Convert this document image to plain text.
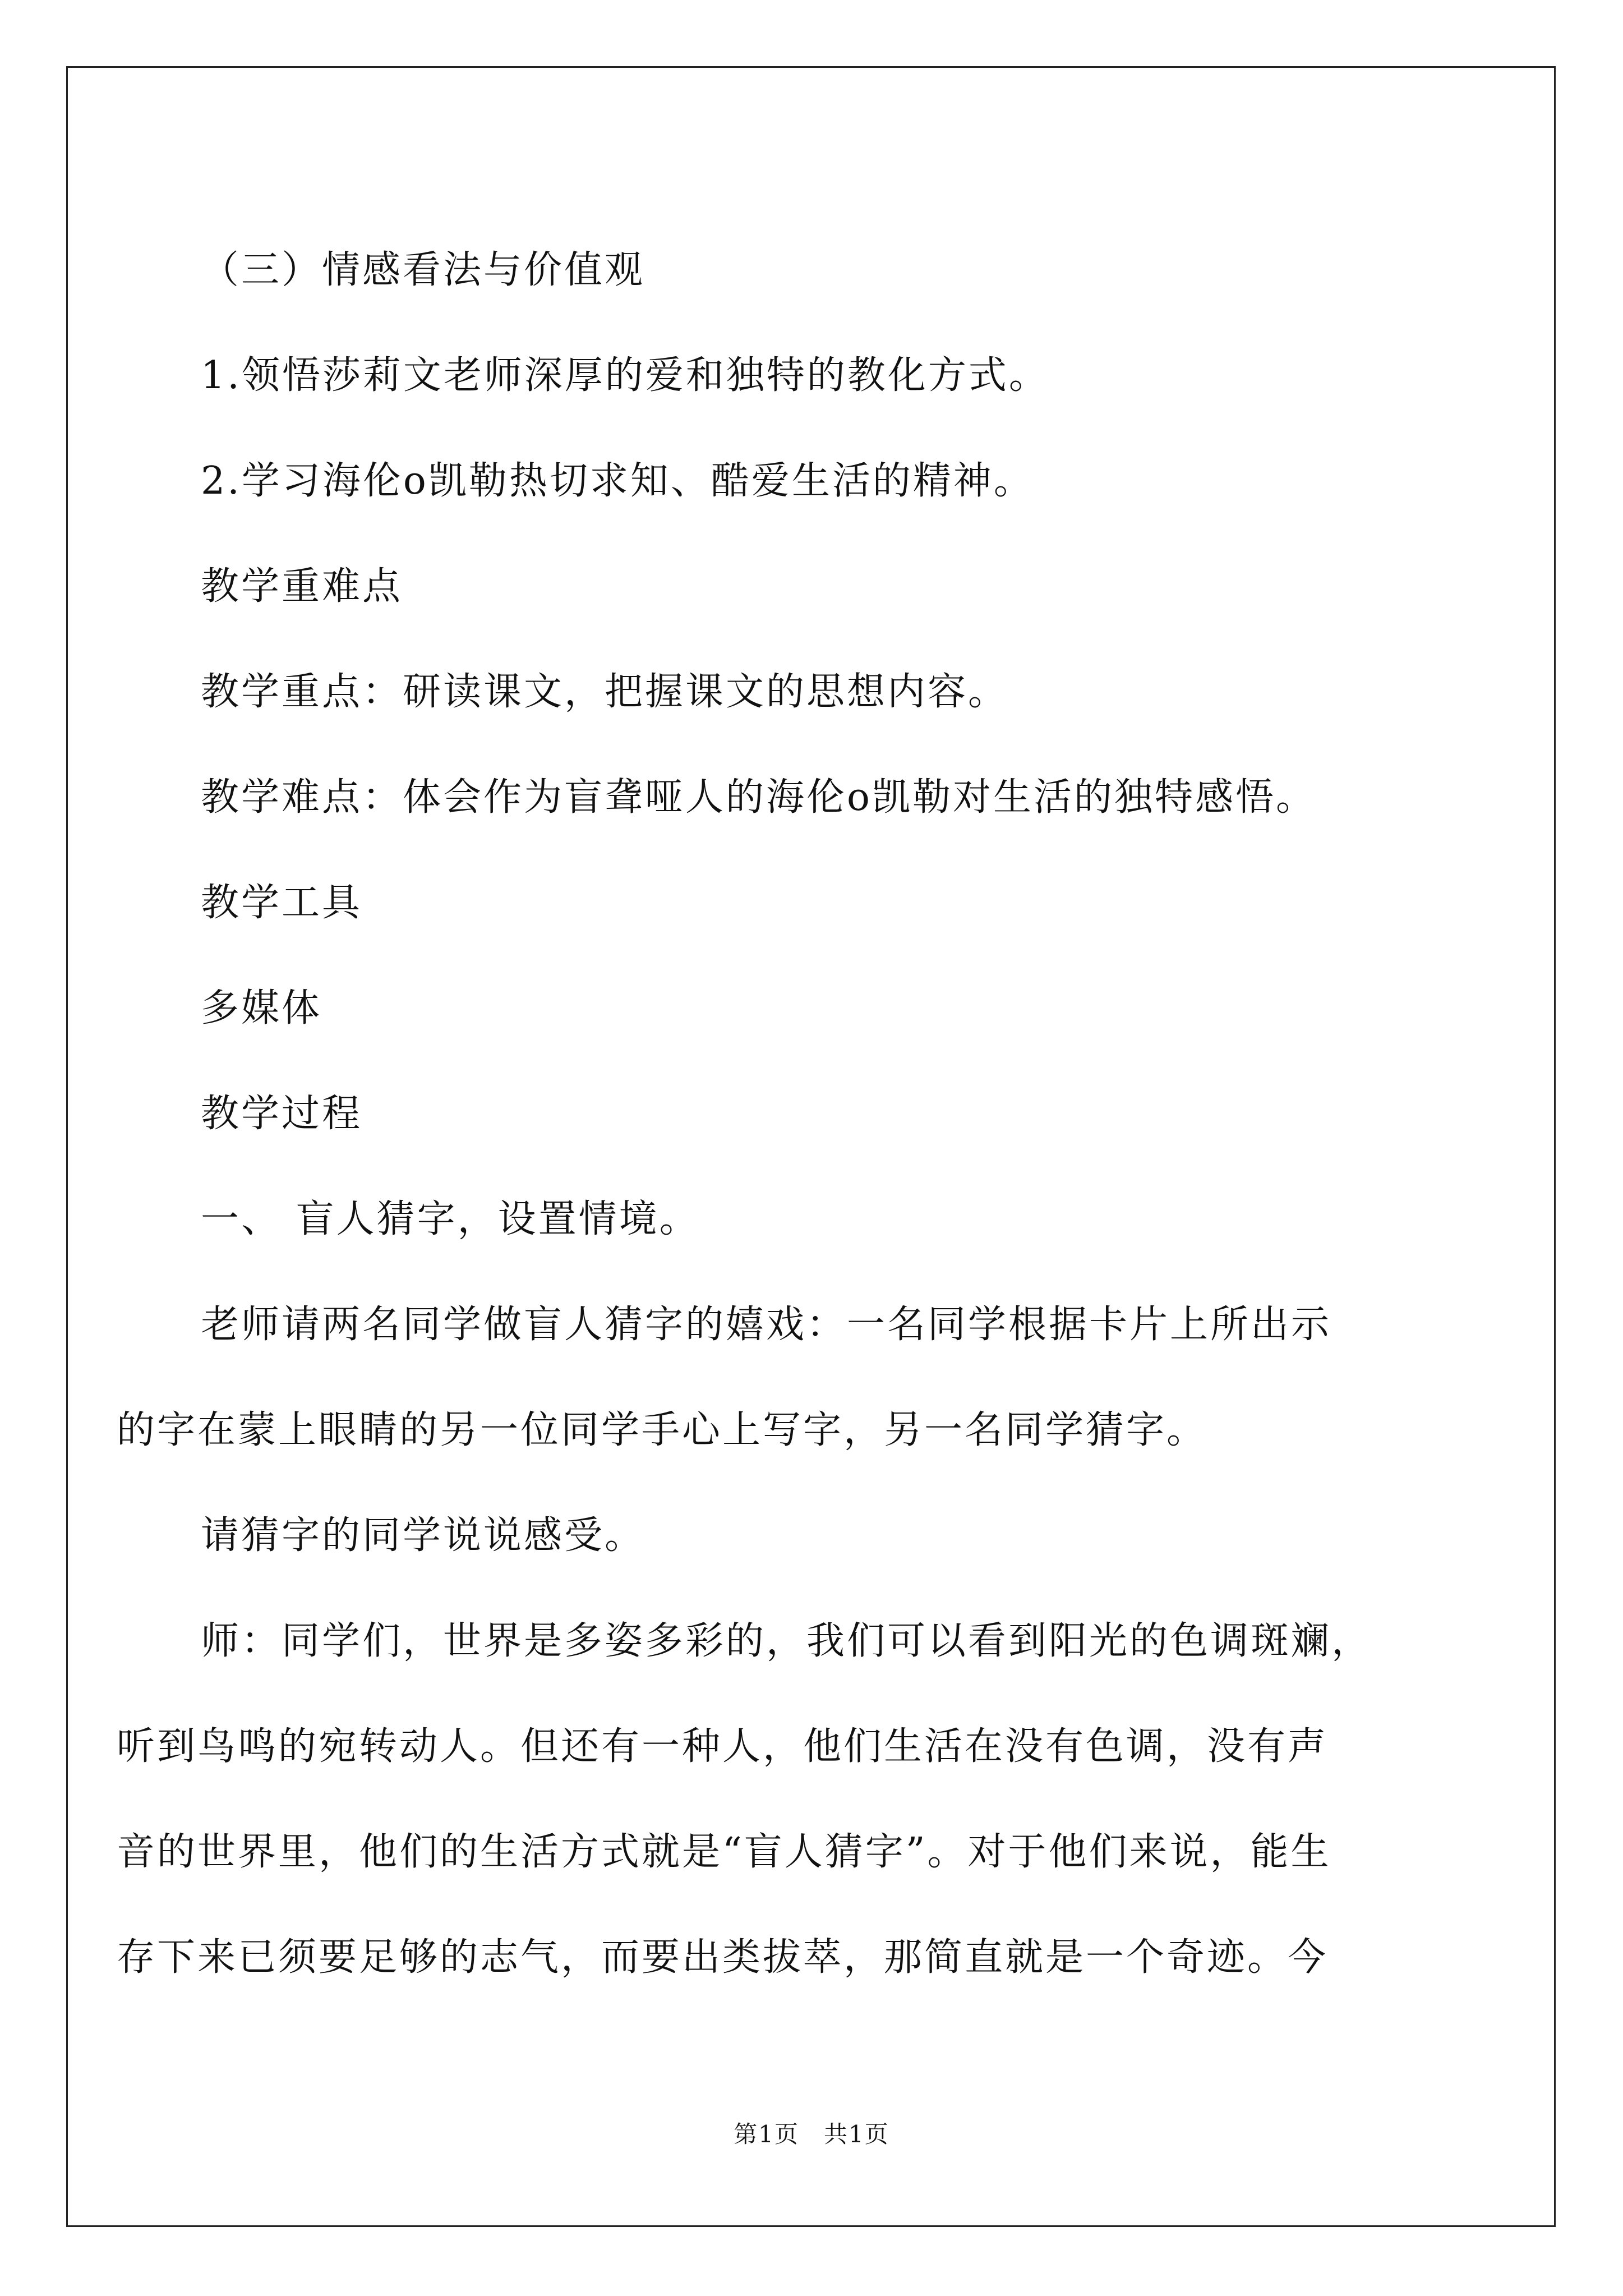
（三）情感看法与价值观

1.领悟莎莉文老师深厚的爱和独特的教化方式。

2.学习海伦o凯勒热切求知、酷爱生活的精神。

教学重难点

教学重点：研读课文，把握课文的思想内容。

教学难点：体会作为盲聋哑人的海伦o凯勒对生活的独特感悟。

教学工具

多媒体

教学过程

一、 盲人猜字，设置情境。

老师请两名同学做盲人猜字的嬉戏：一名同学根据卡片上所出示

的字在蒙上眼睛的另一位同学手心上写字，另一名同学猜字。

请猜字的同学说说感受。

师：同学们，世界是多姿多彩的，我们可以看到阳光的色调斑斓，

听到鸟鸣的宛转动人。但还有一种人，他们生活在没有色调，没有声

音的世界里，他们的生活方式就是“盲人猜字”。对于他们来说，能生

存下来已须要足够的志气，而要出类拔萃，那简直就是一个奇迹。今

第1页　共1页
